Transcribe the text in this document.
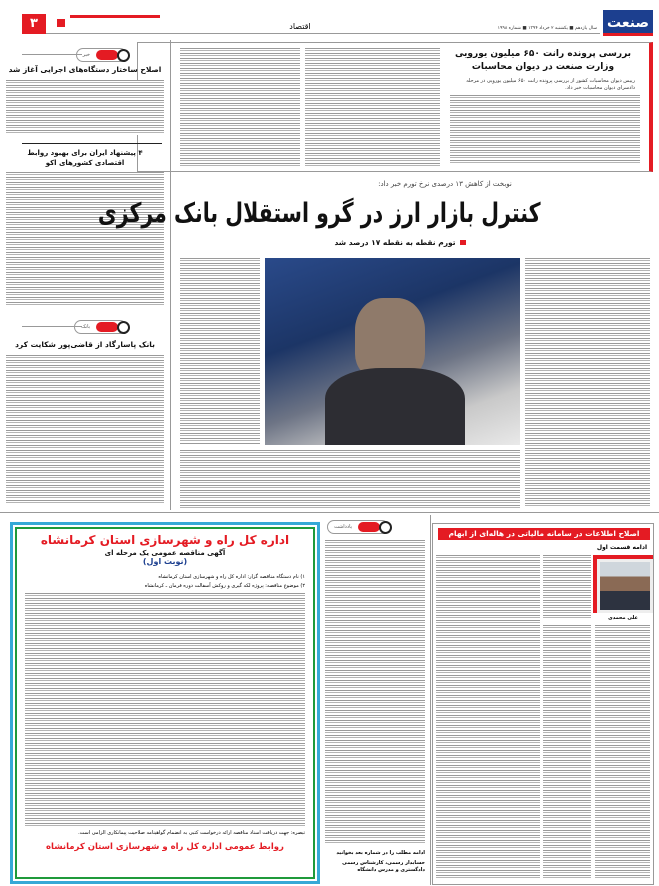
صنعت
اقتصاد	سال یازدهم ■ یکشنبه ۲ خرداد ۱۳۹۴ ■ شماره ۱۹۹۸
۳
بررسی پرونده رانت ۶۵۰ میلیون یورویی وزارت صنعت در دیوان محاسبات
رییس دیوان محاسبات کشور از بررسی پرونده رانت ۶۵۰ میلیون یورویی در مرحله دادسرای دیوان محاسبات خبر داد.
خبر
اصلاح ساختار دستگاه‌های اجرایی آغاز شد
۴ پیشنهاد ایران برای بهبود روابط اقتصادی کشورهای اکو
بانک
بانک پاسارگاد از قاضی‌پور شکایت کرد
نوبخت از کاهش ۱۳ درصدی نرخ تورم خبر داد:
کنترل بازار ارز در گرو استقلال بانک مرکزی
تورم نقطه به نقطه ۱۷ درصد شد
اداره کل راه و شهرسازی استان کرمانشاه
آگهی مناقصه عمومی یک مرحله ای
(نوبت اول)
۱) نام دستگاه مناقصه گزار: اداره کل راه و شهرسازی استان کرمانشاه
۲) موضوع مناقصه: پروژه لکه گیری و روکش آسفالت دوره فرمان ـ کرمانشاه
تبصره: جهت دریافت اسناد مناقصه ارائه درخواست کتبی به انضمام گواهینامه صلاحیت پیمانکاری الزامی است.
روابط عمومی اداره کل راه و شهرسازی استان کرمانشاه
یادداشت
ادامه مطلب را در شماره بعد بخوانید
حسابدار رسمی، کارشناس رسمی دادگستری و مدرس دانشگاه
اصلاح اطلاعات در سامانه مالیاتی در هاله‌ای از ابهام
ادامه قسمت اول
علی محمدی
